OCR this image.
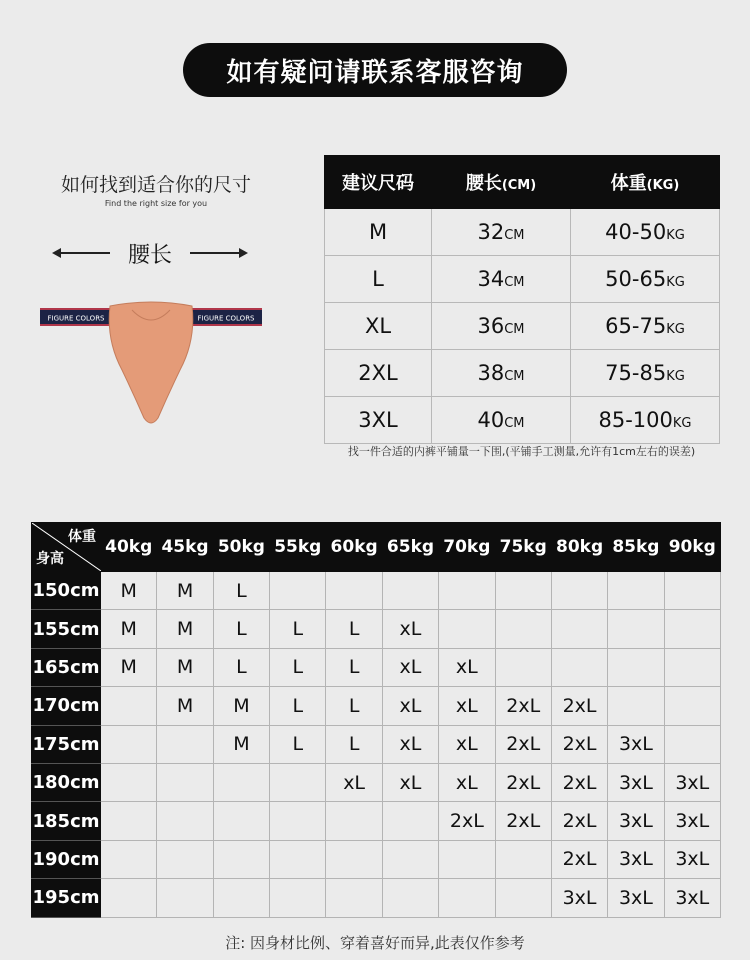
如有疑问请联系客服咨询
如何找到适合你的尺寸
Find the right size for you
腰长
FIGURE COLORS	FIGURE COLORS
建议尺码	腰长(CM)	体重(KG)
M	32CM	40-50KG
L	34CM	50-65KG
XL	36CM	65-75KG
2XL	38CM	75-85KG
3XL	40CM	85-100KG
找一件合适的内裤平铺量一下围,(平铺手工测量,允许有1cm左右的误差)
体重
身高	40kg	45kg	50kg	55kg	60kg	65kg	70kg	75kg	80kg	85kg	90kg
150cm	M	M	L								
155cm	M	M	L	L	L	xL					
165cm	M	M	L	L	L	xL	xL				
170cm		M	M	L	L	xL	xL	2xL	2xL		
175cm			M	L	L	xL	xL	2xL	2xL	3xL	
180cm					xL	xL	xL	2xL	2xL	3xL	3xL
185cm							2xL	2xL	2xL	3xL	3xL
190cm									2xL	3xL	3xL
195cm									3xL	3xL	3xL
注: 因身材比例、穿着喜好而异,此表仅作参考
